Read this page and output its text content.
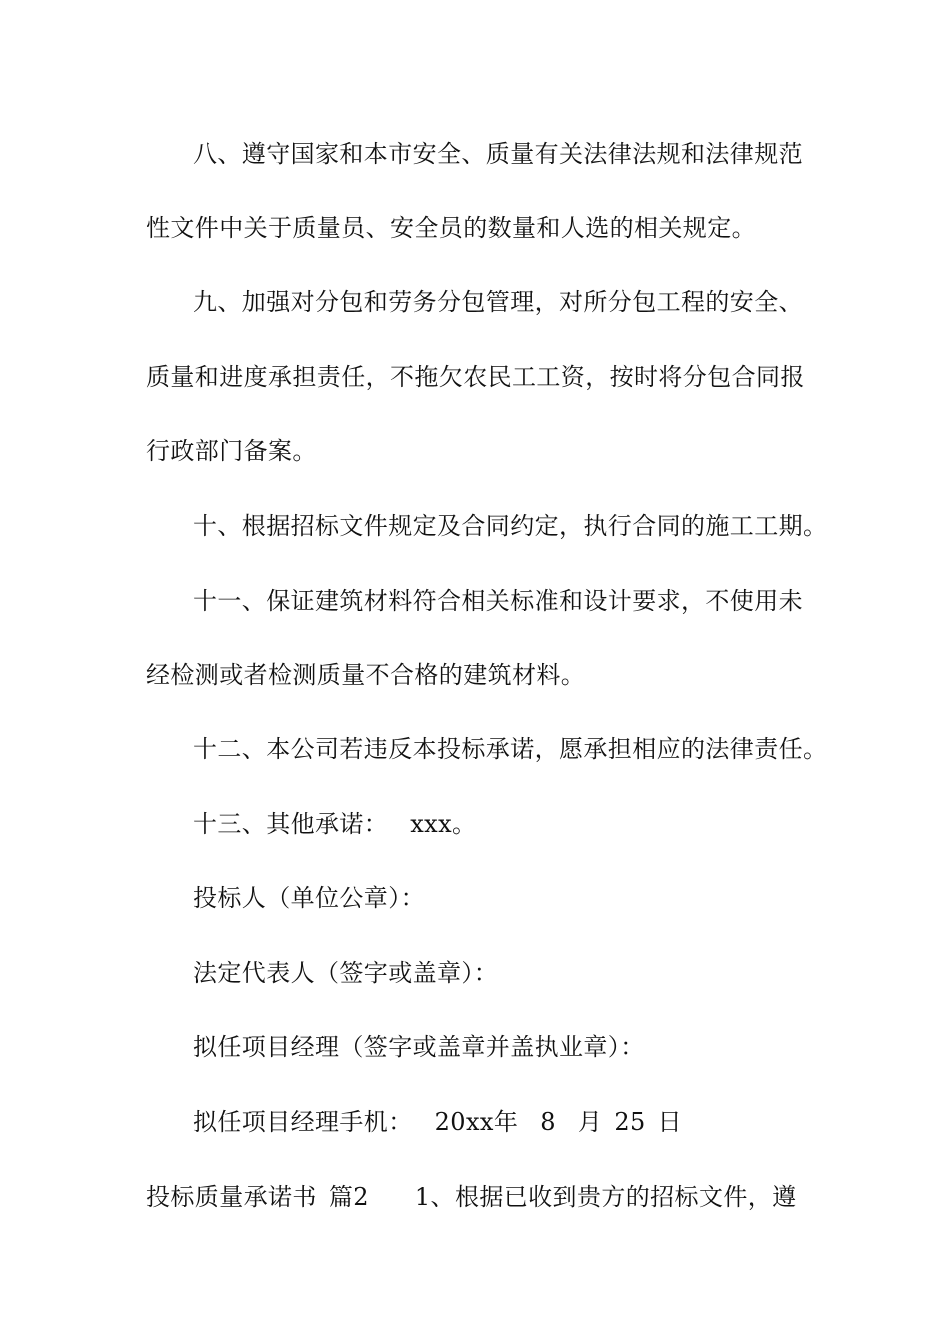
八、遵守国家和本市安全、质量有关法律法规和法律规范
性文件中关于质量员、安全员的数量和人选的相关规定。
九、加强对分包和劳务分包管理，对所分包工程的安全、
质量和进度承担责任，不拖欠农民工工资，按时将分包合同报
行政部门备案。
十、根据招标文件规定及合同约定，执行合同的施工工期。
十一、保证建筑材料符合相关标准和设计要求，不使用未
经检测或者检测质量不合格的建筑材料。
十二、本公司若违反本投标承诺，愿承担相应的法律责任。
十三、其他承诺： xxx。
投标人（单位公章）：
法定代表人（签字或盖章）：
拟任项目经理（签字或盖章并盖执业章）：
拟任项目经理手机： 20xx年 8 月 25 日
投标质量承诺书 篇2 1、根据已收到贵方的招标文件，遵
